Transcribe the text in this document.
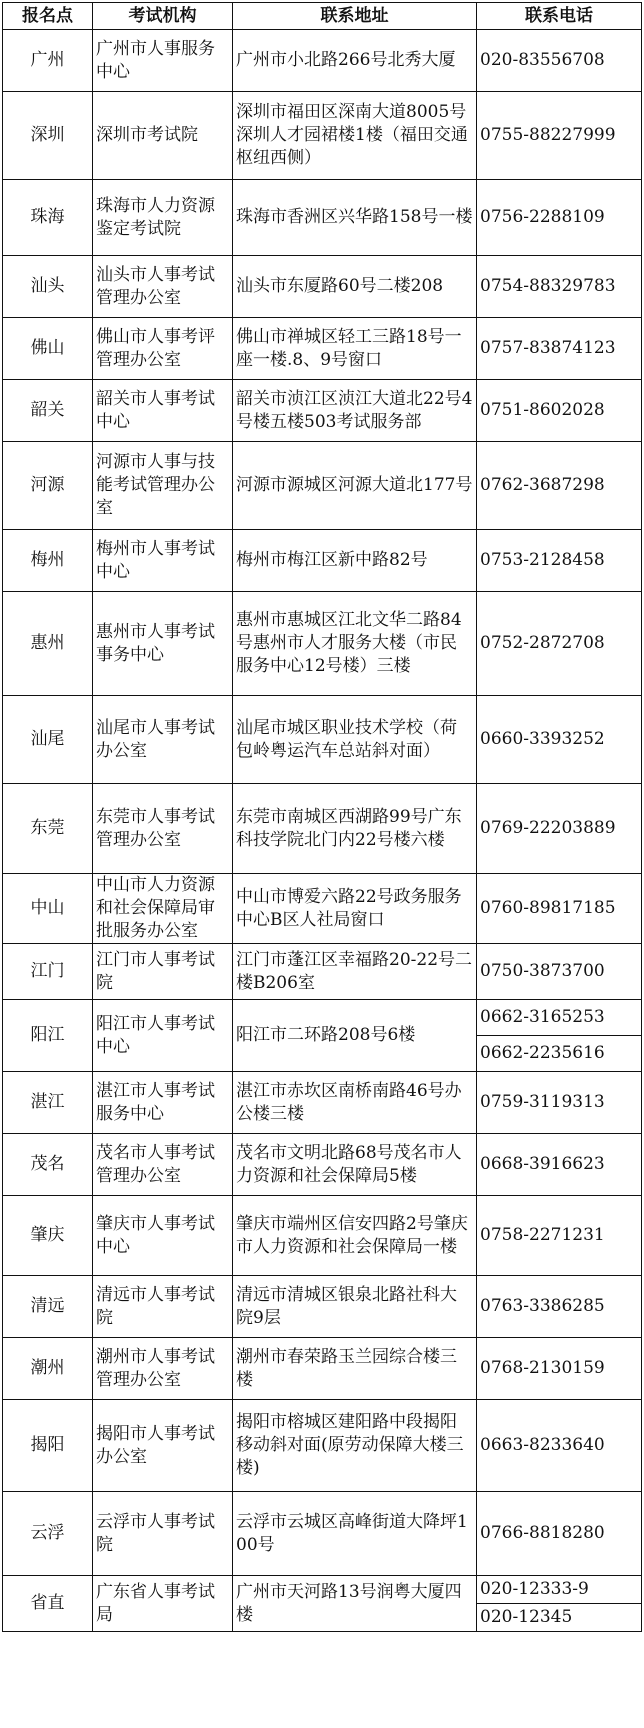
报名点	考试机构	联系地址	联系电话
广州	广州市人事服务中心	广州市小北路266号北秀大厦	020-83556708
深圳	深圳市考试院	深圳市福田区深南大道8005号深圳人才园裙楼1楼（福田交通枢纽西侧）	0755-88227999
珠海	珠海市人力资源鉴定考试院	珠海市香洲区兴华路158号一楼	0756-2288109
汕头	汕头市人事考试管理办公室	汕头市东厦路60号二楼208	0754-88329783
佛山	佛山市人事考评管理办公室	佛山市禅城区轻工三路18号一座一楼.8、9号窗口	0757-83874123
韶关	韶关市人事考试中心	韶关市浈江区浈江大道北22号4号楼五楼503考试服务部	0751-8602028
河源	河源市人事与技能考试管理办公室	河源市源城区河源大道北177号	0762-3687298
梅州	梅州市人事考试中心	梅州市梅江区新中路82号	0753-2128458
惠州	惠州市人事考试事务中心	惠州市惠城区江北文华二路84号惠州市人才服务大楼（市民服务中心12号楼）三楼	0752-2872708
汕尾	汕尾市人事考试办公室	汕尾市城区职业技术学校（荷包岭粤运汽车总站斜对面）	0660-3393252
东莞	东莞市人事考试管理办公室	东莞市南城区西湖路99号广东科技学院北门内22号楼六楼	0769-22203889
中山	中山市人力资源和社会保障局审批服务办公室	中山市博爱六路22号政务服务中心B区人社局窗口	0760-89817185
江门	江门市人事考试院	江门市蓬江区幸福路20-22号二楼B206室	0750-3873700
阳江	阳江市人事考试中心	阳江市二环路208号6楼	0662-3165253
			0662-2235616
湛江	湛江市人事考试服务中心	湛江市赤坎区南桥南路46号办公楼三楼	0759-3119313
茂名	茂名市人事考试管理办公室	茂名市文明北路68号茂名市人力资源和社会保障局5楼	0668-3916623
肇庆	肇庆市人事考试中心	肇庆市端州区信安四路2号肇庆市人力资源和社会保障局一楼	0758-2271231
清远	清远市人事考试院	清远市清城区银泉北路社科大院9层	0763-3386285
潮州	潮州市人事考试管理办公室	潮州市春荣路玉兰园综合楼三楼	0768-2130159
揭阳	揭阳市人事考试办公室	揭阳市榕城区建阳路中段揭阳移动斜对面(原劳动保障大楼三楼)	0663-8233640
云浮	云浮市人事考试院	云浮市云城区高峰街道大降坪100号	0766-8818280
省直	广东省人事考试局	广州市天河路13号润粤大厦四楼	020-12333-9
			020-12345
